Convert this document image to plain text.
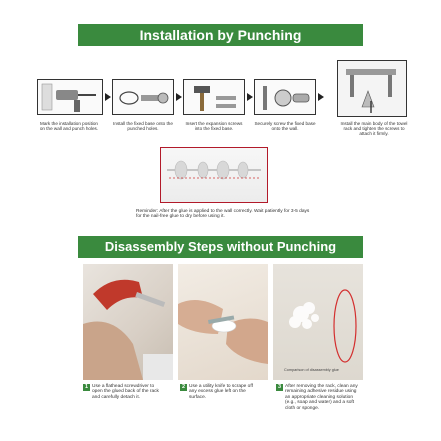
Installation by Punching
Mark the installation position on the wall and punch holes.
Install the fixed base onto the punched holes.
Insert the expansion screws into the fixed base.
Securely screw the fixed base onto the wall.
Install the main body of the towel rack and tighten the screws to attach it firmly.
Reminder: After the glue is applied to the wall correctly. Wait patiently for 3-5 days for the nail-free glue to dry before using it.
Disassembly Steps without Punching
Comparison of disassembly glue
1 Use a flathead screwdriver to open the glued back of the rack and carefully detach it.
2 Use a utility knife to scrape off any excess glue left on the surface.
3 After removing the rack, clean any remaining adhesive residue using an appropriate cleaning solution (e.g., soap and water) and a soft cloth or sponge.
